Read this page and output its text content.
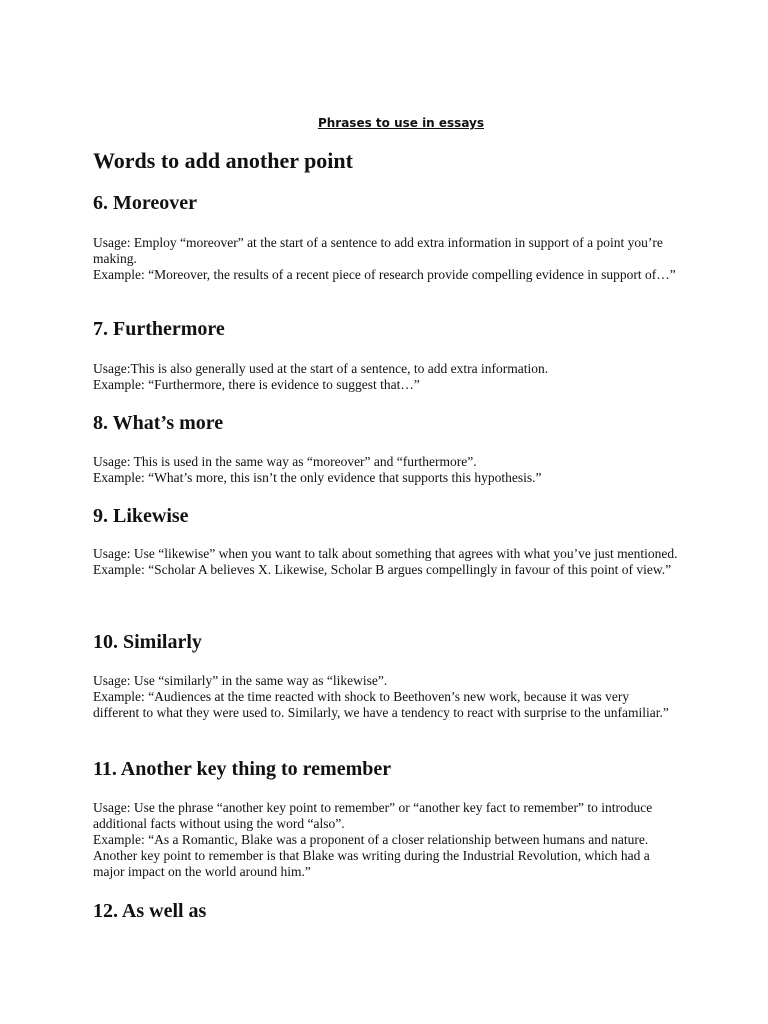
Phrases to use in essays
Words to add another point
6. Moreover

Usage: Employ “moreover” at the start of a sentence to add extra information in support of a point you’re making.

Example: “Moreover, the results of a recent piece of research provide compelling evidence in support of…”

7. Furthermore

Usage:This is also generally used at the start of a sentence, to add extra information.

Example: “Furthermore, there is evidence to suggest that…”

8. What’s more

Usage: This is used in the same way as “moreover” and “furthermore”.

Example: “What’s more, this isn’t the only evidence that supports this hypothesis.”

9. Likewise

Usage: Use “likewise” when you want to talk about something that agrees with what you’ve just mentioned.

Example: “Scholar A believes X. Likewise, Scholar B argues compellingly in favour of this point of view.”

10. Similarly

Usage: Use “similarly” in the same way as “likewise”.

Example: “Audiences at the time reacted with shock to Beethoven’s new work, because it was very different to what they were used to. Similarly, we have a tendency to react with surprise to the unfamiliar.”

11. Another key thing to remember

Usage: Use the phrase “another key point to remember” or “another key fact to remember” to introduce additional facts without using the word “also”.

Example: “As a Romantic, Blake was a proponent of a closer relationship between humans and nature. Another key point to remember is that Blake was writing during the Industrial Revolution, which had a major impact on the world around him.”

12. As well as
